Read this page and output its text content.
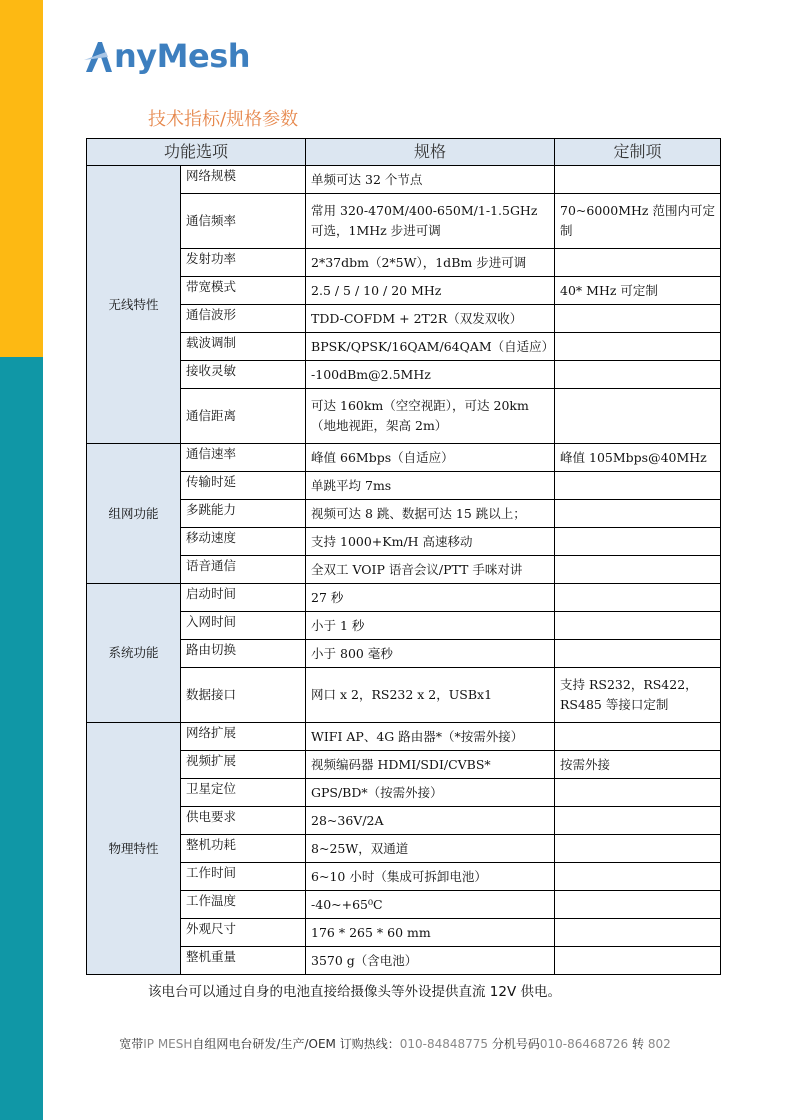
nyMesh
技术指标/规格参数
功能选项		规格	定制项
无线特性	网络规模	单频可达 32 个节点	
	通信频率	常用 320-470M/400-650M/1-1.5GHz 可选，1MHz 步进可调	70~6000MHz 范围内可定制
	发射功率	2*37dbm（2*5W），1dBm 步进可调	
	带宽模式	2.5 / 5 / 10 / 20 MHz	40* MHz 可定制
	通信波形	TDD-COFDM + 2T2R（双发双收）	
	载波调制	BPSK/QPSK/16QAM/64QAM（自适应）	
	接收灵敏	-100dBm@2.5MHz	
	通信距离	可达 160km（空空视距），可达 20km（地地视距，架高 2m）	
组网功能	通信速率	峰值 66Mbps（自适应）	峰值 105Mbps@40MHz
	传输时延	单跳平均 7ms	
	多跳能力	视频可达 8 跳、数据可达 15 跳以上；	
	移动速度	支持 1000+Km/H 高速移动	
	语音通信	全双工 VOIP 语音会议/PTT 手咪对讲	
系统功能	启动时间	27 秒	
	入网时间	小于 1 秒	
	路由切换	小于 800 毫秒	
	数据接口	网口 x 2，RS232 x 2，USBx1	支持 RS232，RS422，RS485 等接口定制
物理特性	网络扩展	WIFI AP、4G 路由器*（*按需外接）	
	视频扩展	视频编码器 HDMI/SDI/CVBS*	按需外接
	卫星定位	GPS/BD*（按需外接）	
	供电要求	28~36V/2A	
	整机功耗	8~25W，双通道	
	工作时间	6~10 小时（集成可拆卸电池）	
	工作温度	-40~+65⁰C	
	外观尺寸	176 * 265 * 60 mm	
	整机重量	3570 g（含电池）	
该电台可以通过自身的电池直接给摄像头等外设提供直流 12V 供电。
宽带IP MESH自组网电台研发/生产/OEM 订购热线：010-84848775 分机号码010-86468726 转 802
